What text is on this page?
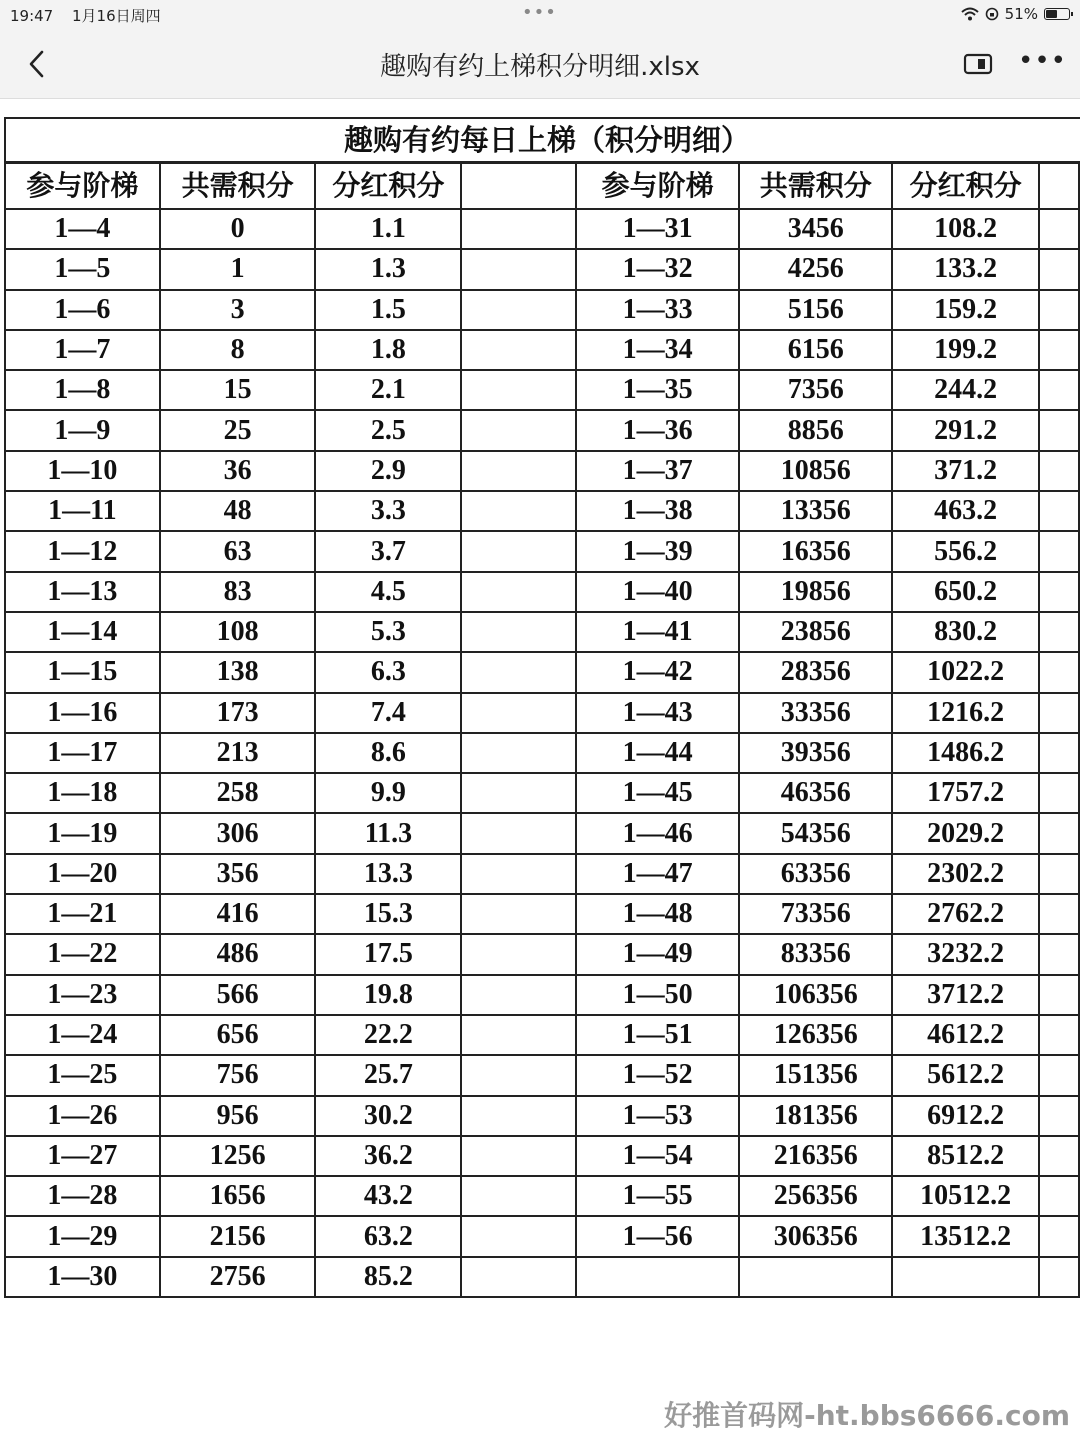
19:47 1月16日周四	•••	51%
趣购有约上梯积分明细.xlsx	•••
趣购有约每日上梯（积分明细）
参与阶梯	共需积分	分红积分		参与阶梯	共需积分	分红积分	
1—4	0	1.1		1—31	3456	108.2	
1—5	1	1.3		1—32	4256	133.2	
1—6	3	1.5		1—33	5156	159.2	
1—7	8	1.8		1—34	6156	199.2	
1—8	15	2.1		1—35	7356	244.2	
1—9	25	2.5		1—36	8856	291.2	
1—10	36	2.9		1—37	10856	371.2	
1—11	48	3.3		1—38	13356	463.2	
1—12	63	3.7		1—39	16356	556.2	
1—13	83	4.5		1—40	19856	650.2	
1—14	108	5.3		1—41	23856	830.2	
1—15	138	6.3		1—42	28356	1022.2	
1—16	173	7.4		1—43	33356	1216.2	
1—17	213	8.6		1—44	39356	1486.2	
1—18	258	9.9		1—45	46356	1757.2	
1—19	306	11.3		1—46	54356	2029.2	
1—20	356	13.3		1—47	63356	2302.2	
1—21	416	15.3		1—48	73356	2762.2	
1—22	486	17.5		1—49	83356	3232.2	
1—23	566	19.8		1—50	106356	3712.2	
1—24	656	22.2		1—51	126356	4612.2	
1—25	756	25.7		1—52	151356	5612.2	
1—26	956	30.2		1—53	181356	6912.2	
1—27	1256	36.2		1—54	216356	8512.2	
1—28	1656	43.2		1—55	256356	10512.2	
1—29	2156	63.2		1—56	306356	13512.2	
1—30	2756	85.2					
好推首码网-ht.bbs6666.com
